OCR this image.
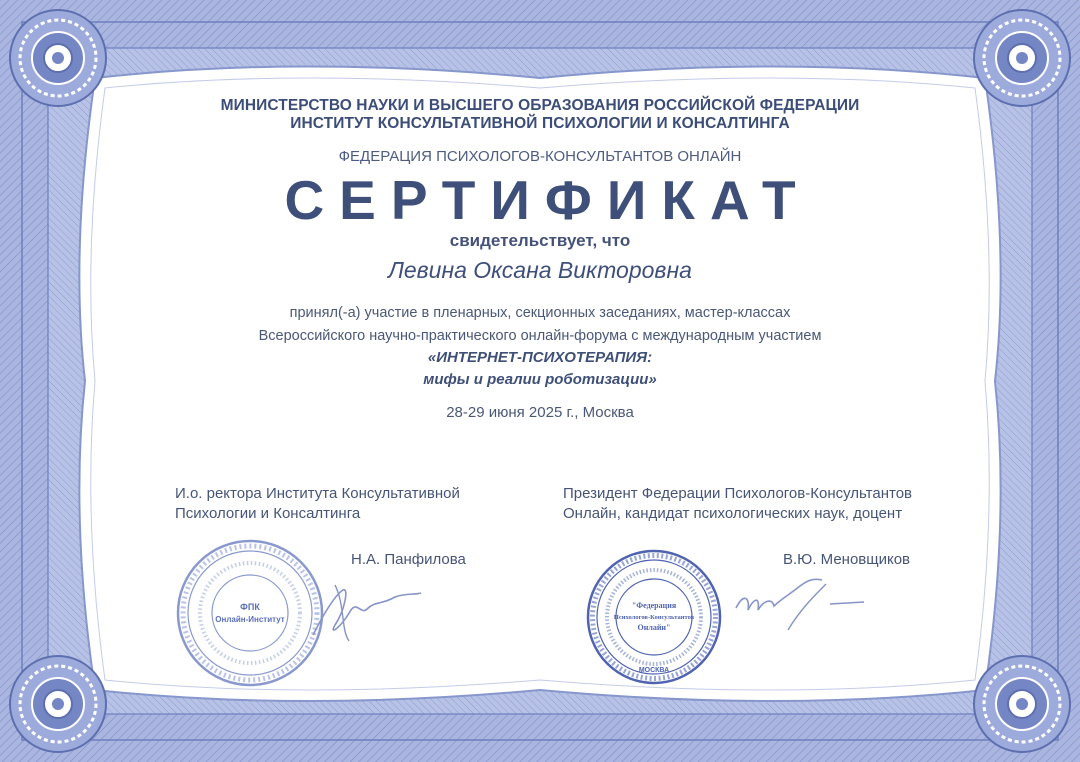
МИНИСТЕРСТВО НАУКИ И ВЫСШЕГО ОБРАЗОВАНИЯ РОССИЙСКОЙ ФЕДЕРАЦИИ
ИНСТИТУТ КОНСУЛЬТАТИВНОЙ ПСИХОЛОГИИ И КОНСАЛТИНГА
ФЕДЕРАЦИЯ ПСИХОЛОГОВ-КОНСУЛЬТАНТОВ ОНЛАЙН
СЕРТИФИКАТ
свидетельствует, что
Левина Оксана Викторовна
принял(-а) участие в пленарных, секционных заседаниях, мастер-классах
Всероссийского научно-практического онлайн-форума с международным участием
«ИНТЕРНЕТ-ПСИХОТЕРАПИЯ:
мифы и реалии роботизации»
28-29 июня 2025 г., Москва
И.о. ректора Института Консультативной
Психологии и Консалтинга
Президент Федерации Психологов-Консультантов
Онлайн, кандидат психологических наук, доцент
ФПК
Онлайн-Институт
Н.А. Панфилова
"Федерация
Психологов-Консультантов
Онлайн"
МОСКВА
В.Ю. Меновщиков
